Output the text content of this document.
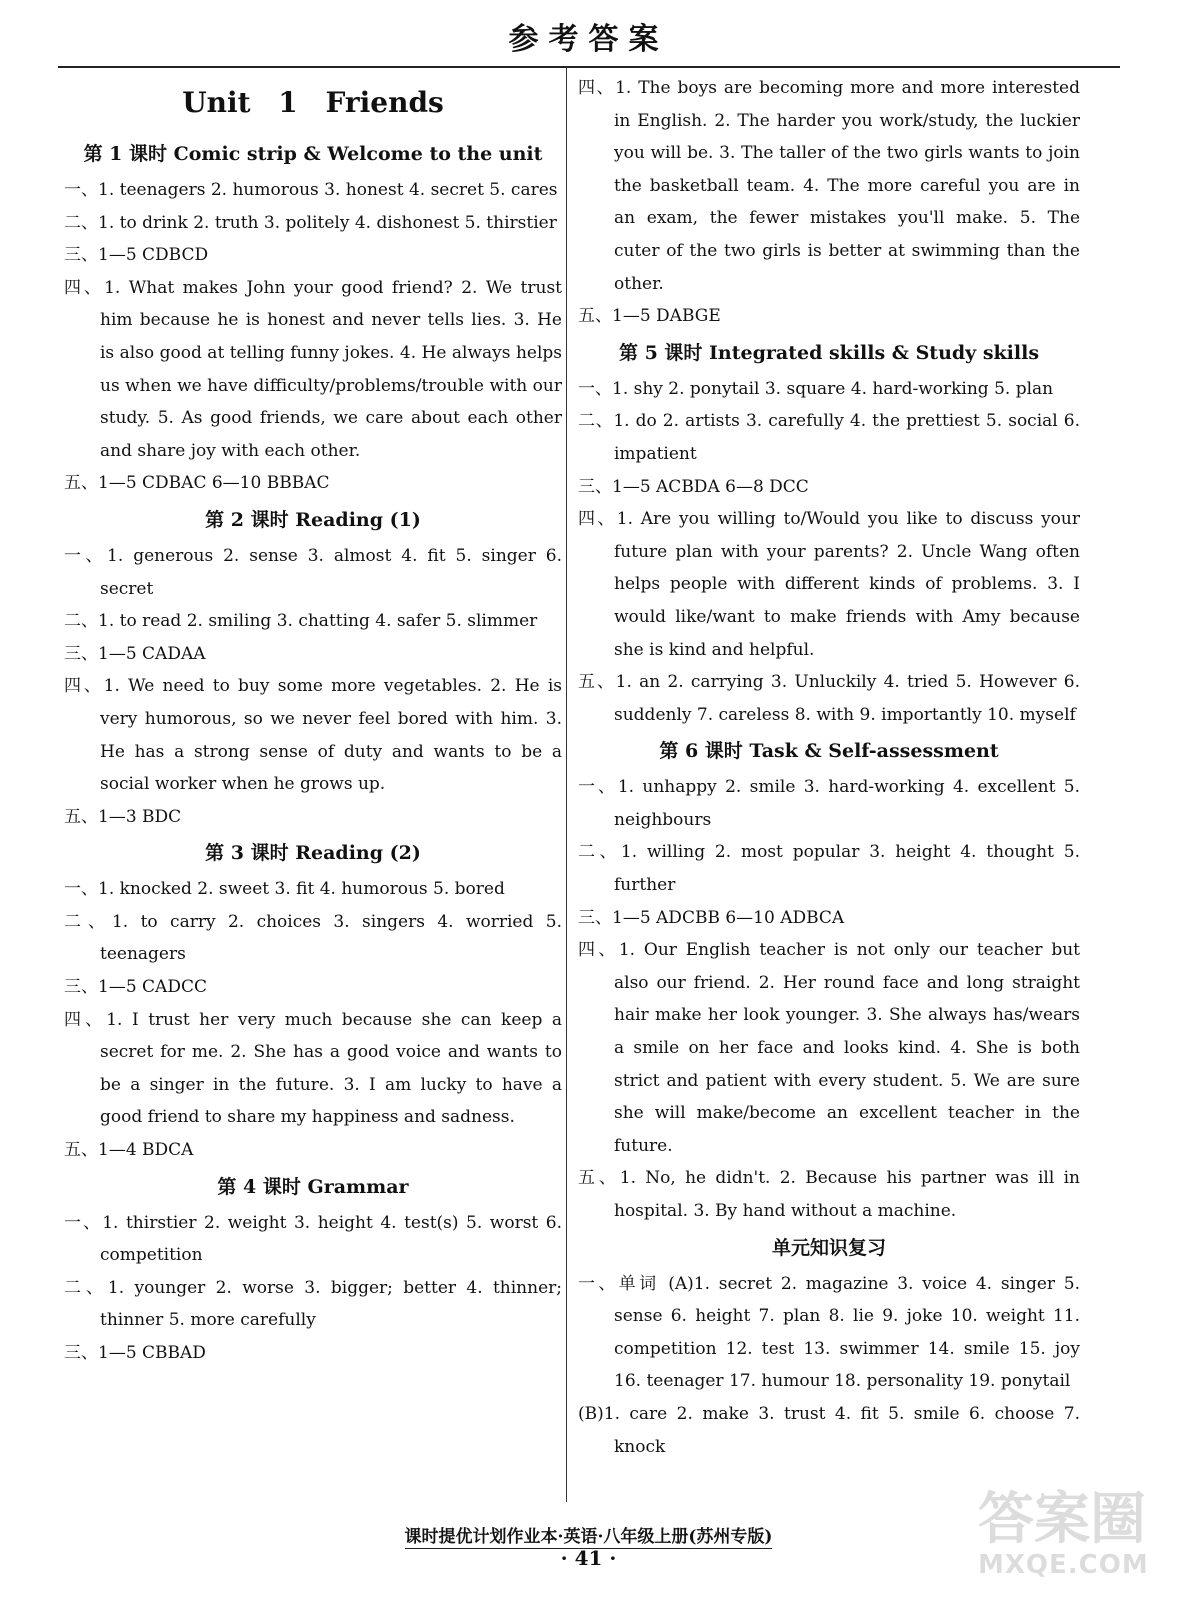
参考答案
Unit 1 Friends
第 1 课时 Comic strip & Welcome to the unit
一、1. teenagers 2. humorous 3. honest 4. secret 5. cares
二、1. to drink 2. truth 3. politely 4. dishonest 5. thirstier
三、1—5 CDBCD
四、1. What makes John your good friend? 2. We trust him because he is honest and never tells lies. 3. He is also good at telling funny jokes. 4. He always helps us when we have difficulty/problems/trouble with our study. 5. As good friends, we care about each other and share joy with each other.
五、1—5 CDBAC 6—10 BBBAC
第 2 课时 Reading (1)
一、1. generous 2. sense 3. almost 4. fit 5. singer 6. secret
二、1. to read 2. smiling 3. chatting 4. safer 5. slimmer
三、1—5 CADAA
四、1. We need to buy some more vegetables. 2. He is very humorous, so we never feel bored with him. 3. He has a strong sense of duty and wants to be a social worker when he grows up.
五、1—3 BDC
第 3 课时 Reading (2)
一、1. knocked 2. sweet 3. fit 4. humorous 5. bored
二、1. to carry 2. choices 3. singers 4. worried 5. teenagers
三、1—5 CADCC
四、1. I trust her very much because she can keep a secret for me. 2. She has a good voice and wants to be a singer in the future. 3. I am lucky to have a good friend to share my happiness and sadness.
五、1—4 BDCA
第 4 课时 Grammar
一、1. thirstier 2. weight 3. height 4. test(s) 5. worst 6. competition
二、1. younger 2. worse 3. bigger; better 4. thinner; thinner 5. more carefully
三、1—5 CBBAD
四、1. The boys are becoming more and more interested in English. 2. The harder you work/study, the luckier you will be. 3. The taller of the two girls wants to join the basketball team. 4. The more careful you are in an exam, the fewer mistakes you'll make. 5. The cuter of the two girls is better at swimming than the other.
五、1—5 DABGE
第 5 课时 Integrated skills & Study skills
一、1. shy 2. ponytail 3. square 4. hard-working 5. plan
二、1. do 2. artists 3. carefully 4. the prettiest 5. social 6. impatient
三、1—5 ACBDA 6—8 DCC
四、1. Are you willing to/Would you like to discuss your future plan with your parents? 2. Uncle Wang often helps people with different kinds of problems. 3. I would like/want to make friends with Amy because she is kind and helpful.
五、1. an 2. carrying 3. Unluckily 4. tried 5. However 6. suddenly 7. careless 8. with 9. importantly 10. myself
第 6 课时 Task & Self-assessment
一、1. unhappy 2. smile 3. hard-working 4. excellent 5. neighbours
二、1. willing 2. most popular 3. height 4. thought 5. further
三、1—5 ADCBB 6—10 ADBCA
四、1. Our English teacher is not only our teacher but also our friend. 2. Her round face and long straight hair make her look younger. 3. She always has/wears a smile on her face and looks kind. 4. She is both strict and patient with every student. 5. We are sure she will make/become an excellent teacher in the future.
五、1. No, he didn't. 2. Because his partner was ill in hospital. 3. By hand without a machine.
单元知识复习
一、单词 (A)1. secret 2. magazine 3. voice 4. singer 5. sense 6. height 7. plan 8. lie 9. joke 10. weight 11. competition 12. test 13. swimmer 14. smile 15. joy 16. teenager 17. humour 18. personality 19. ponytail
(B)1. care 2. make 3. trust 4. fit 5. smile 6. choose 7. knock
课时提优计划作业本·英语·八年级上册(苏州专版)
· 41 ·
答案圈
MXQE.COM
